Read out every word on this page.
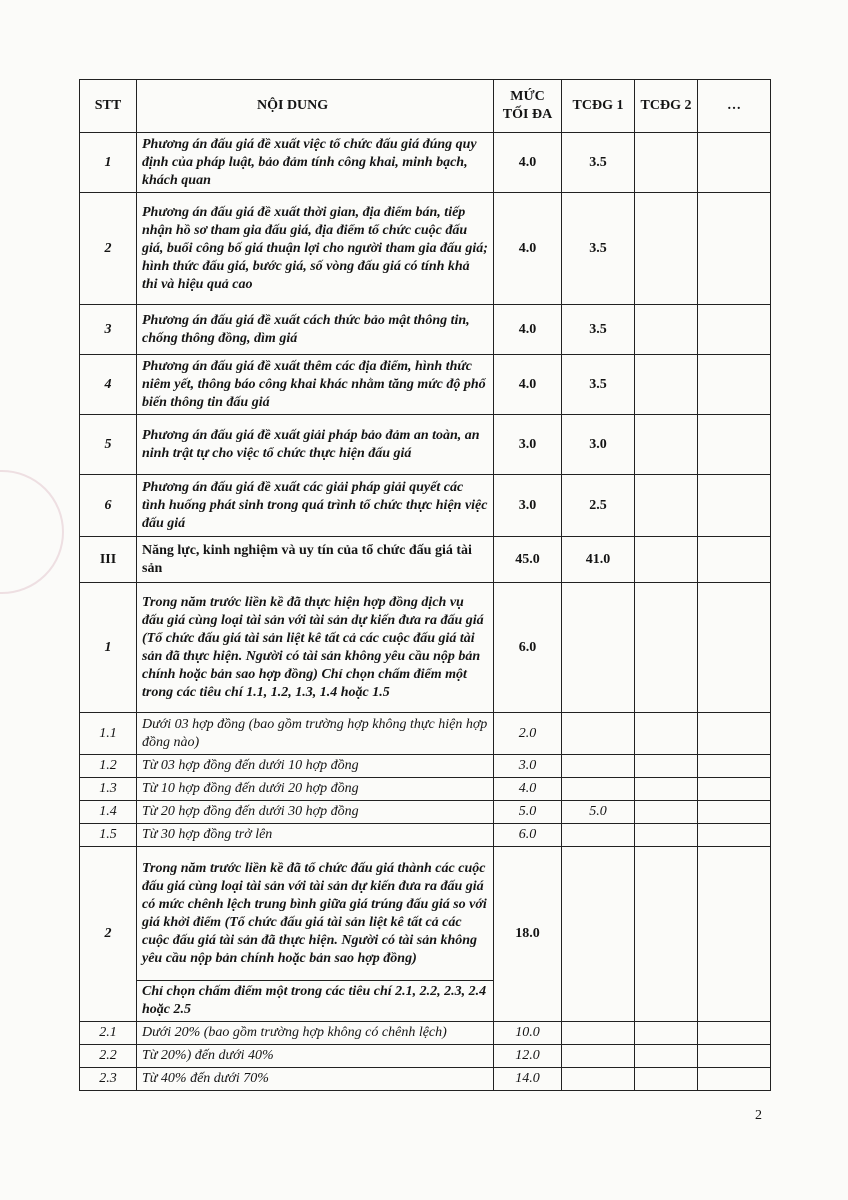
STT	NỘI DUNG	MỨC TỐI ĐA	TCĐG 1	TCĐG 2	…
1	Phương án đấu giá đề xuất việc tổ chức đấu giá đúng quy định của pháp luật, bảo đảm tính công khai, minh bạch, khách quan	4.0	3.5		
2	Phương án đấu giá đề xuất thời gian, địa điểm bán, tiếp nhận hồ sơ tham gia đấu giá, địa điểm tổ chức cuộc đấu giá, buổi công bố giá thuận lợi cho người tham gia đấu giá; hình thức đấu giá, bước giá, số vòng đấu giá có tính khả thi và hiệu quả cao	4.0	3.5		
3	Phương án đấu giá đề xuất cách thức bảo mật thông tin, chống thông đồng, dìm giá	4.0	3.5		
4	Phương án đấu giá đề xuất thêm các địa điểm, hình thức niêm yết, thông báo công khai khác nhằm tăng mức độ phổ biến thông tin đấu giá	4.0	3.5		
5	Phương án đấu giá đề xuất giải pháp bảo đảm an toàn, an ninh trật tự cho việc tổ chức thực hiện đấu giá	3.0	3.0		
6	Phương án đấu giá đề xuất các giải pháp giải quyết các tình huống phát sinh trong quá trình tổ chức thực hiện việc đấu giá	3.0	2.5		
III	Năng lực, kinh nghiệm và uy tín của tổ chức đấu giá tài sản	45.0	41.0		
1	Trong năm trước liền kề đã thực hiện hợp đồng dịch vụ đấu giá cùng loại tài sản với tài sản dự kiến đưa ra đấu giá (Tổ chức đấu giá tài sản liệt kê tất cả các cuộc đấu giá tài sản đã thực hiện. Người có tài sản không yêu cầu nộp bản chính hoặc bản sao hợp đồng) Chỉ chọn chấm điểm một trong các tiêu chí 1.1, 1.2, 1.3, 1.4 hoặc 1.5	6.0			
1.1	Dưới 03 hợp đồng (bao gồm trường hợp không thực hiện hợp đồng nào)	2.0			
1.2	Từ 03 hợp đồng đến dưới 10 hợp đồng	3.0			
1.3	Từ 10 hợp đồng đến dưới 20 hợp đồng	4.0			
1.4	Từ 20 hợp đồng đến dưới 30 hợp đồng	5.0	5.0		
1.5	Từ 30 hợp đồng trở lên	6.0			
2	Trong năm trước liền kề đã tổ chức đấu giá thành các cuộc đấu giá cùng loại tài sản với tài sản dự kiến đưa ra đấu giá có mức chênh lệch trung bình giữa giá trúng đấu giá so với giá khởi điểm (Tổ chức đấu giá tài sản liệt kê tất cả các cuộc đấu giá tài sản đã thực hiện. Người có tài sản không yêu cầu nộp bản chính hoặc bản sao hợp đồng)	18.0			
	Chỉ chọn chấm điểm một trong các tiêu chí 2.1, 2.2, 2.3, 2.4 hoặc 2.5				
2.1	Dưới 20% (bao gồm trường hợp không có chênh lệch)	10.0			
2.2	Từ 20%) đến dưới 40%	12.0			
2.3	Từ 40% đến dưới 70%	14.0			
2
